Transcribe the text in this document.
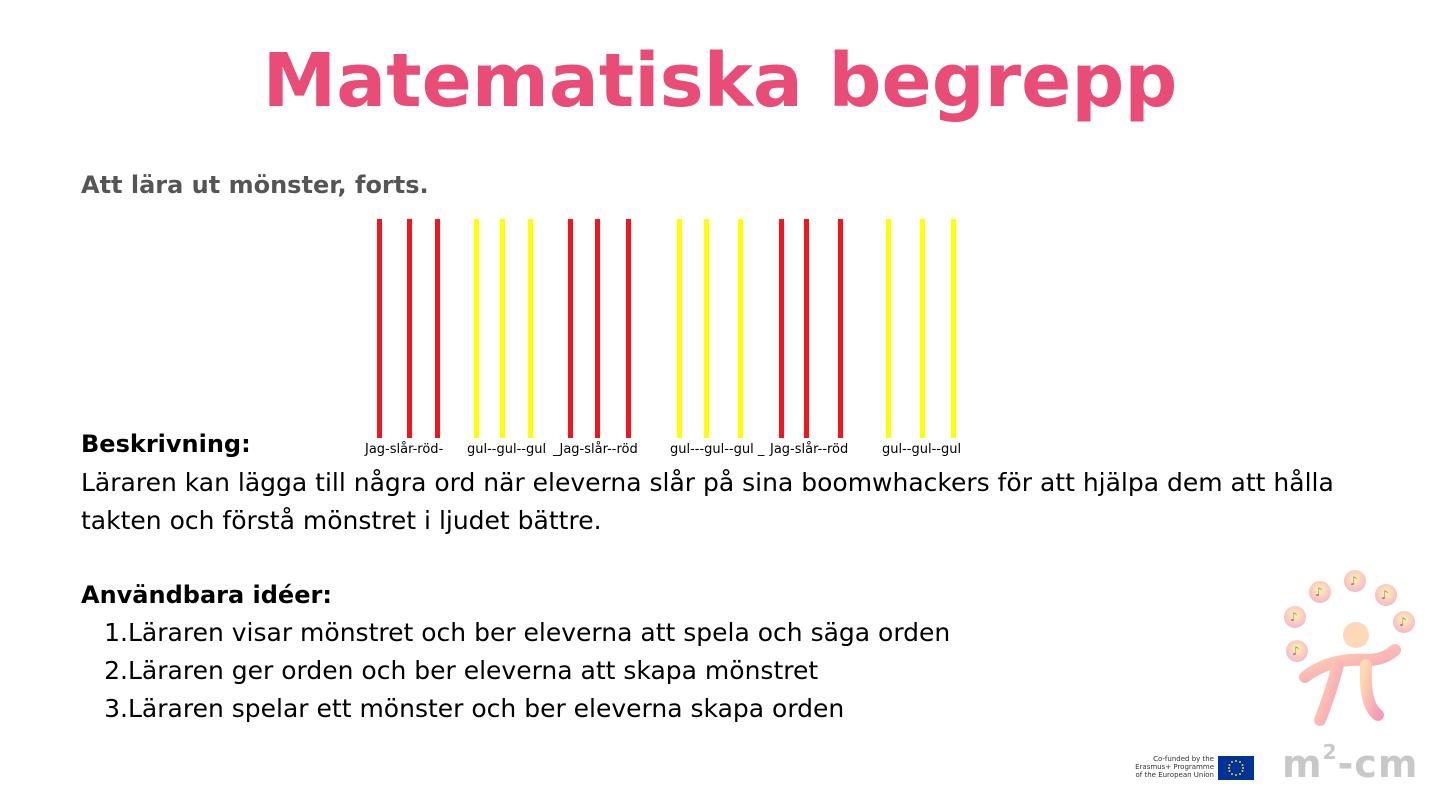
Matematiska begrepp
Att lära ut mönster, forts.
Jag-slår-röd- gul--gul--gul _Jag-slår--röd gul---gul--gul _ Jag-slår--röd	gul--gul--gul
Beskrivning:
Läraren kan lägga till några ord när eleverna slår på sina boomwhackers för att hjälpa dem att hålla takten och förstå mönstret i ljudet bättre.
Användbara idéer:
1. Läraren visar mönstret och ber eleverna att spela och säga orden
2. Läraren ger orden och ber eleverna att skapa mönstret
3. Läraren spelar ett mönster och ber eleverna skapa orden
♪
♪
♪
♪
♪
♪
$m^2-cm$
Co-funded by the Erasmus+ Programme of the European Union
